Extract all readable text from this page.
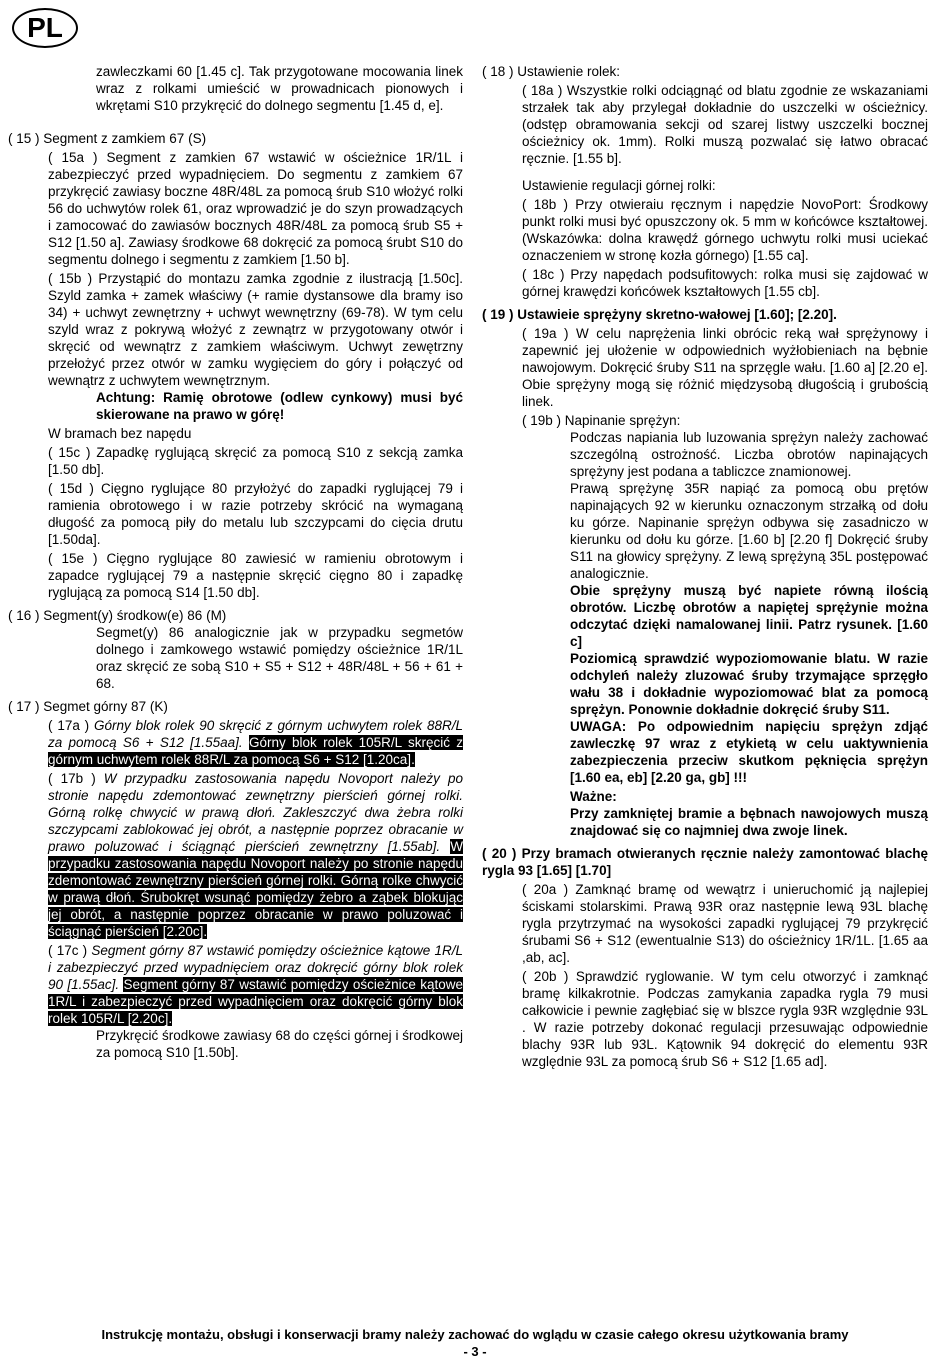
PL

zawleczkami 60 [1.45 c]. Tak przygotowane mocowania linek wraz z rolkami umieścić w prowadnicach pionowych i wkrętami S10 przykręcić do dolnego segmentu [1.45 d, e].

( 15 ) Segment z zamkiem 67 (S)

( 15a ) Segment z zamkien 67 wstawić w ościeżnice 1R/1L i zabezpieczyć przed wypadnięciem. Do segmentu z zamkiem 67 przykręcić zawiasy boczne 48R/48L za pomocą śrub S10 włożyć rolki 56 do uchwytów rolek 61, oraz wprowadzić je do szyn prowadzących i zamocować do zawiasów bocznych 48R/48L za pomocą śrub S5 + S12 [1.50 a]. Zawiasy środkowe 68 dokręcić za pomocą śrubt S10 do segmentu dolnego i segmentu z zamkiem [1.50 b].

( 15b ) Przystąpić do montazu zamka zgodnie z ilustracją [1.50c]. Szyld zamka + zamek właściwy (+ ramie dystansowe dla bramy iso 34) + uchwyt zewnętrzny + uchwyt wewnętrzny (69-78). W tym celu szyld wraz z pokrywą włożyć z zewnątrz w przygotowany otwór i skręcić od wewnątrz z zamkiem właściwym. Uchwyt zewętrzny przełożyć przez otwór w zamku wygięciem do góry i połączyć od wewnątrz z uchwytem wewnętrznym.

Achtung: Ramię obrotowe (odlew cynkowy) musi być skierowane na prawo w górę!

W bramach bez napędu

( 15c ) Zapadkę ryglującą skręcić za pomocą S10 z sekcją zamka [1.50 db].

( 15d ) Cięgno ryglujące 80 przyłożyć do zapadki ryglującej 79 i ramienia obrotowego i w razie potrzeby skrócić na wymaganą długość za pomocą piły do metalu lub szczypcami do cięcia drutu [1.50da].

( 15e ) Cięgno ryglujące 80 zawiesić w ramieniu obrotowym i zapadce ryglującej 79 a następnie skręcić cięgno 80 i zapadkę ryglującą za pomocą S14 [1.50 db].

( 16 ) Segment(y) środkow(e) 86 (M)

Segmet(y) 86 analogicznie jak w przypadku segmetów dolnego i zamkowego wstawić pomiędzy ościeżnice 1R/1L oraz skręcić ze sobą S10 + S5 + S12 + 48R/48L + 56 + 61 + 68.

( 17 ) Segmet górny 87 (K)

( 17a ) Górny blok rolek 90 skręcić z górnym uchwytem rolek 88R/L za pomocą S6 + S12 [1.55aa]. Górny blok rolek 105R/L skręcić z górnym uchwytem rolek 88R/L za pomocą S6 + S12 [1.20ca].

( 17b ) W przypadku zastosowania napędu Novoport należy po stronie napędu zdemontować zewnętrzny pierścień górnej rolki. Górną rolkę chwycić w prawą dłoń. Zakleszczyć dwa żebra rolki szczypcami zablokować jej obrót, a następnie poprzez obracanie w prawo poluzować i ściągnąć pierścień zewnętrzny [1.55ab]. W przypadku zastosowania napędu Novoport należy po stronie napędu zdemontować zewnętrzny pierścień górnej rolki. Górną rolke chwycić w prawą dłoń. Śrubokręt wsunąć pomiędzy żebro a ząbek blokując jej obrót, a następnie poprzez obracanie w prawo poluzować i ściągnąć pierścień [2.20c].

( 17c ) Segment górny 87 wstawić pomiędzy ościeżnice kątowe 1R/L i zabezpieczyć przed wypadnięciem oraz dokręcić górny blok rolek 90 [1.55ac]. Segment górny 87 wstawić pomiędzy ościeżnice kątowe 1R/L i zabezpieczyć przed wypadnięciem oraz dokręcić górny blok rolek 105R/L [2.20c].

Przykręcić środkowe zawiasy 68 do części górnej i środkowej za pomocą S10 [1.50b].

( 18 ) Ustawienie rolek:

( 18a ) Wszystkie rolki odciągnąć od blatu zgodnie ze wskazaniami strzałek tak aby przylegał dokładnie do uszczelki w ościeżnicy. (odstęp obramowania sekcji od szarej listwy uszczelki bocznej ościeżnicy ok. 1mm). Rolki muszą pozwalać się łatwo obracać ręcznie. [1.55 b].

Ustawienie regulacji górnej rolki:

( 18b ) Przy otwieraiu ręcznym i napędzie NovoPort: Środkowy punkt rolki musi być opuszczony ok. 5 mm w końcówce kształtowej. (Wskazówka: dolna krawędź górnego uchwytu rolki musi uciekać oznaczeniem w stronę kozła górnego) [1.55 ca].

( 18c ) Przy napędach podsufitowych: rolka musi się zajdować w górnej krawędzi końcówek kształtowych [1.55 cb].

( 19 ) Ustawieie sprężyny skretno-wałowej [1.60]; [2.20].

( 19a ) W celu naprężenia linki obrócic reką wał sprężynowy i zapewnić jej ułożenie w odpowiednich wyżłobieniach na bębnie nawojowym. Dokręcić śruby S11 na sprzęgle wału. [1.60 a] [2.20 e]. Obie sprężyny mogą się różnić międzysobą długością i grubością linek.

( 19b ) Napinanie sprężyn:

Podczas napiania lub luzowania sprężyn należy zachować szczególną ostrożność. Liczba obrotów napinających sprężyny jest podana a tabliczce znamionowej.

Prawą sprężynę 35R napiąć za pomocą obu prętów napinających 92 w kierunku oznaczonym strzałką od dołu ku górze. Napinanie sprężyn odbywa się zasadniczo w kierunku od dołu ku górze. [1.60 b] [2.20 f] Dokręcić śruby S11 na głowicy sprężyny. Z lewą sprężyną 35L postępować analogicznie.

Obie sprężyny muszą być napiete równą ilością obrotów. Liczbę obrotów a napiętej sprężynie można odczytać dzięki namalowanej linii. Patrz rysunek. [1.60 c]

Poziomicą sprawdzić wypoziomowanie blatu. W razie odchyleń należy zluzować śruby trzymające sprzęgło wału 38 i dokładnie wypoziomować blat za pomocą sprężyn. Ponownie dokładnie dokręcić śruby S11.

UWAGA: Po odpowiednim napięciu sprężyn zdjąć zawleczkę 97 wraz z etykietą w celu uaktywnienia zabezpieczenia przeciw skutkom pęknięcia sprężyn [1.60 ea, eb] [2.20 ga, gb] !!!

Ważne:

Przy zamkniętej bramie a bębnach nawojowych muszą znajdować się co najmniej dwa zwoje linek.

( 20 ) Przy bramach otwieranych ręcznie należy zamontować blachę rygla 93 [1.65] [1.70]

( 20a ) Zamknąć bramę od wewątrz i unieruchomić ją najlepiej ściskami stolarskimi. Prawą 93R oraz następnie lewą 93L blachę rygla przytrzymać na wysokości zapadki ryglującej 79 przykręcić śrubami S6 + S12 (ewentualnie S13) do ościeżnicy 1R/1L. [1.65 aa ,ab, ac].

( 20b ) Sprawdzić ryglowanie. W tym celu otworzyć i zamknąć bramę kilkakrotnie. Podczas zamykania zapadka rygla 79 musi całkowicie i pewnie zagłębiać się w blszce rygla 93R względnie 93L . W razie potrzeby dokonać regulacji przesuwając odpowiednie blachy 93R lub 93L. Kątownik 94 dokręcić do elementu 93R względnie 93L za pomocą śrub S6 + S12 [1.65 ad].

Instrukcję montażu, obsługi i konserwacji bramy należy zachować do wglądu w czasie całego okresu użytkowania bramy
- 3 -
